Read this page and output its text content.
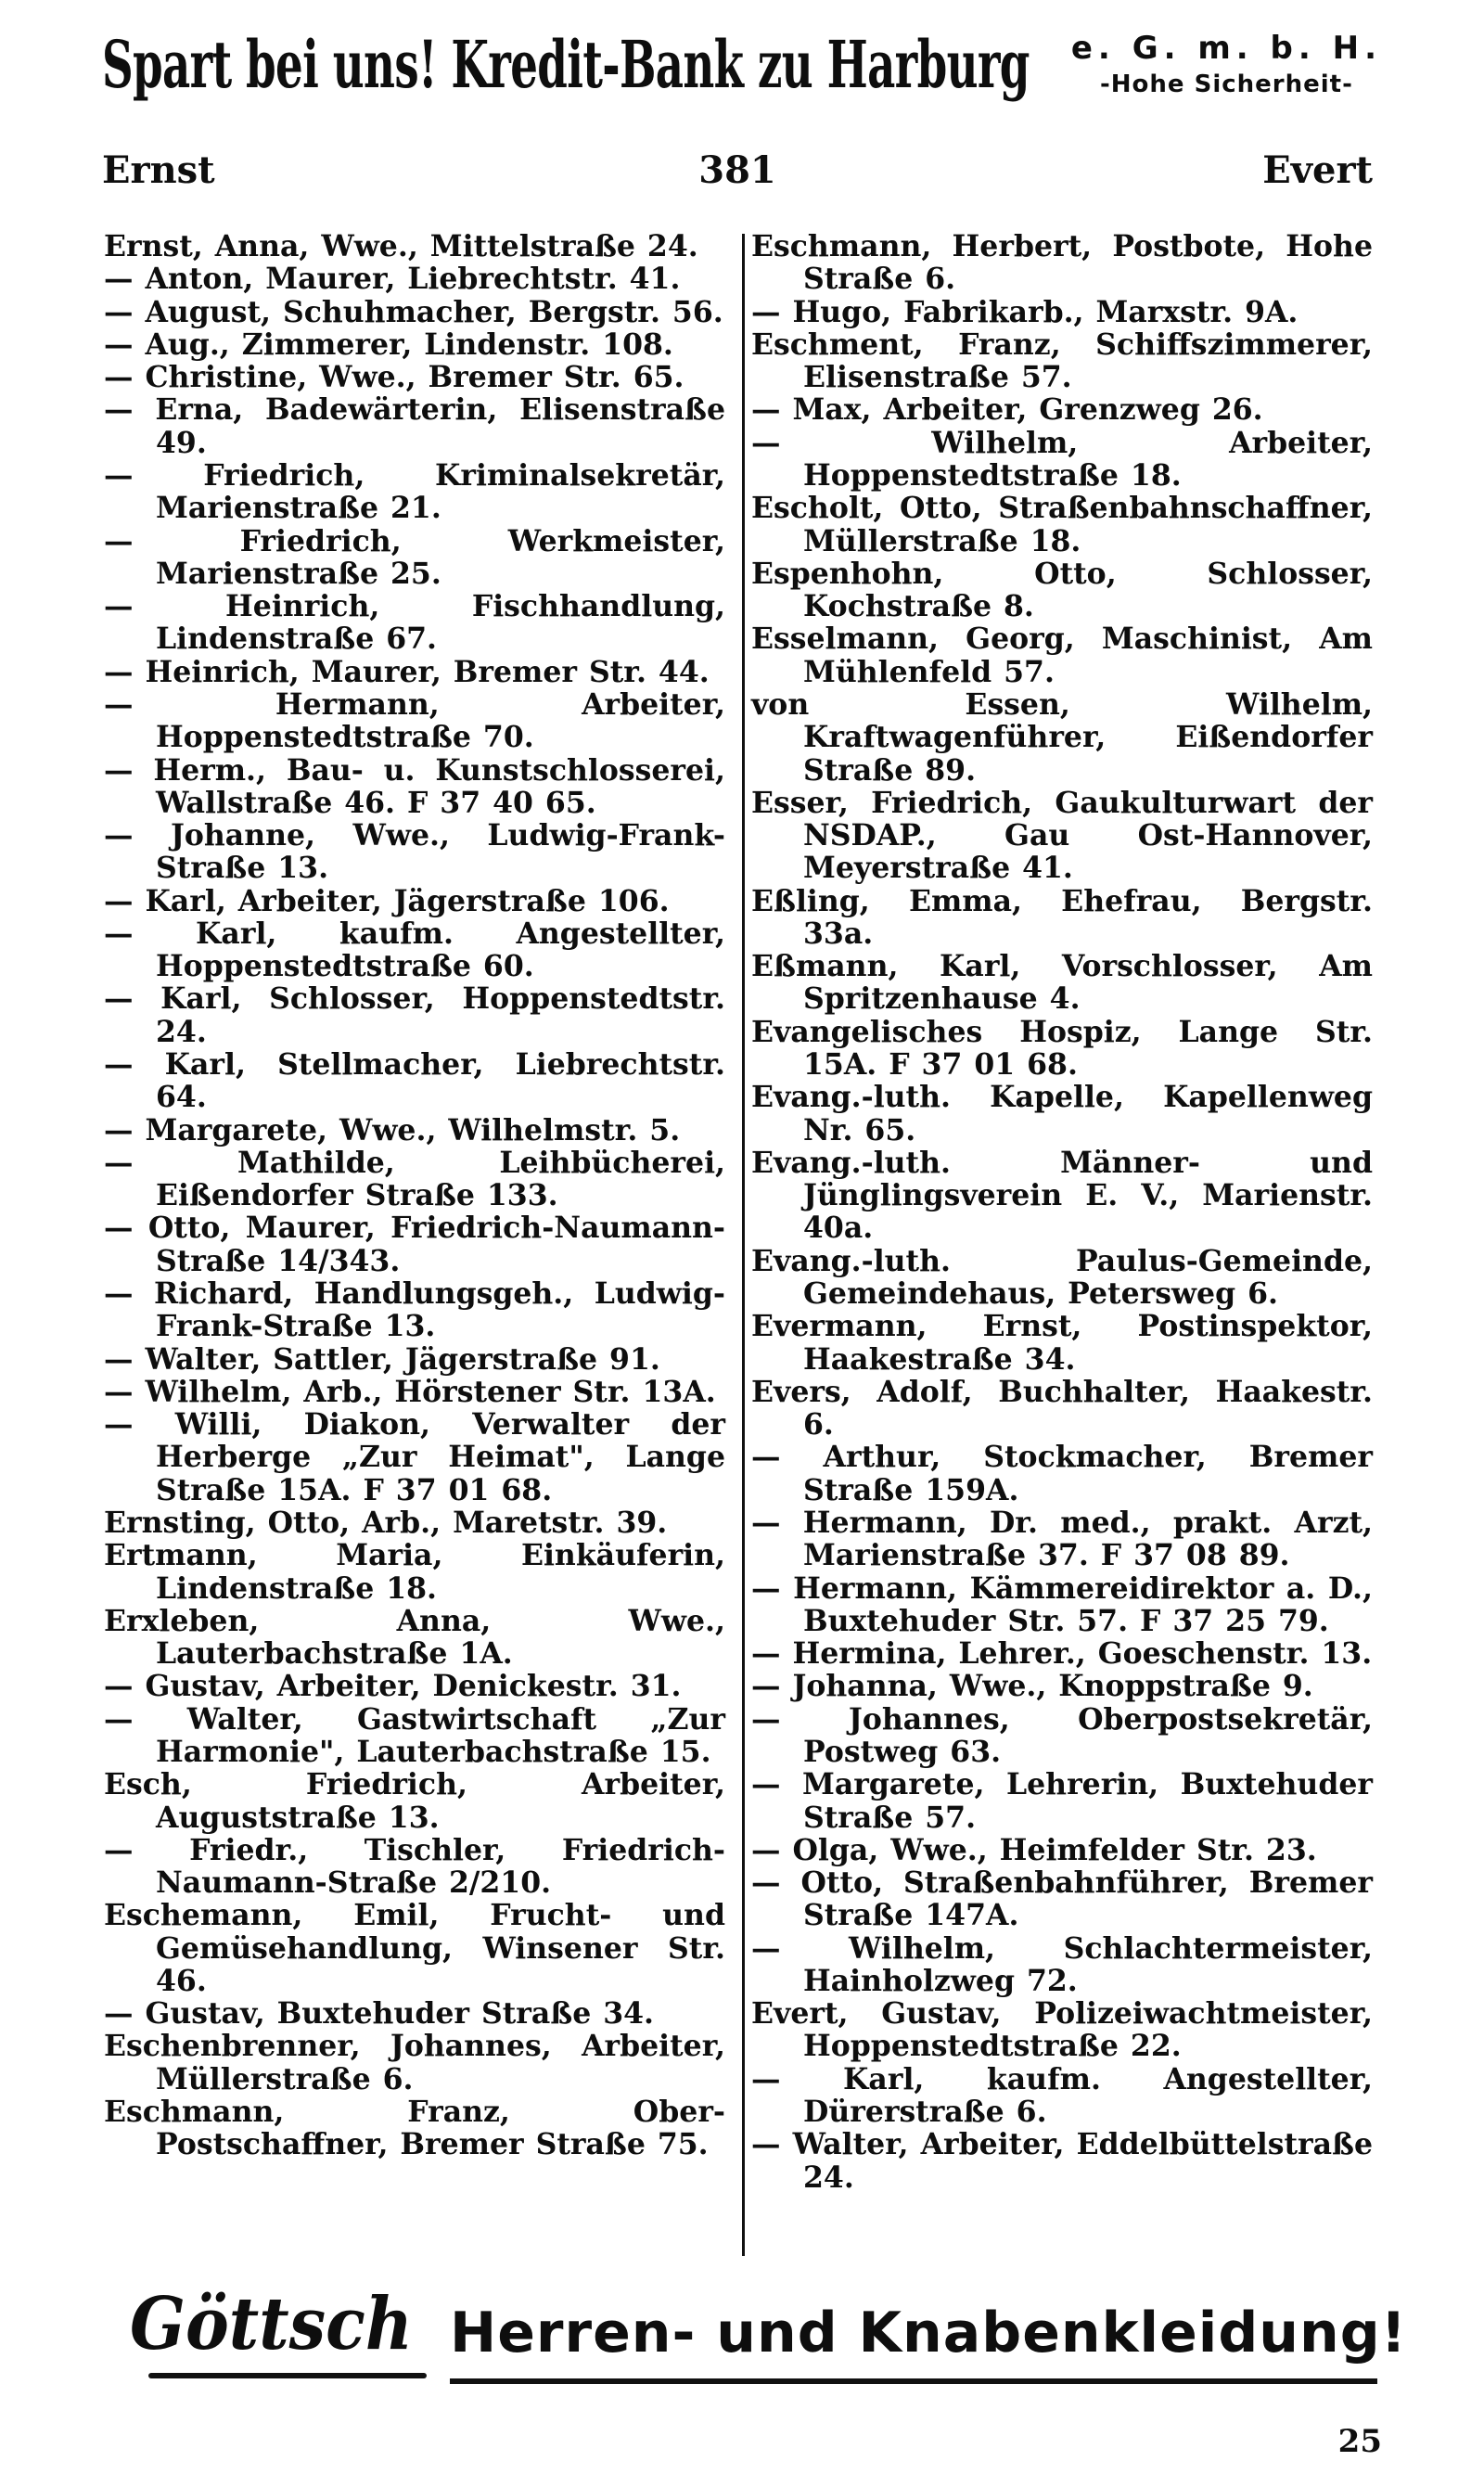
Spart bei uns! Kredit-Bank zu Harburg e. G. m. b. H.
-Hohe Sicherheit-
Ernst	381	Evert
Ernst, Anna, Wwe., Mittelstraße 24.
— Anton, Maurer, Liebrechtstr. 41.
— August, Schuhmacher, Bergstr. 56.
— Aug., Zimmerer, Lindenstr. 108.
— Christine, Wwe., Bremer Str. 65.
— Erna, Badewärterin, Elisenstraße 49.
— Friedrich, Kriminalsekretär, Marienstraße 21.
— Friedrich, Werkmeister, Marienstraße 25.
— Heinrich, Fischhandlung, Lindenstraße 67.
— Heinrich, Maurer, Bremer Str. 44.
— Hermann, Arbeiter, Hoppenstedtstraße 70.
— Herm., Bau- u. Kunstschlosserei, Wallstraße 46. F 37 40 65.
— Johanne, Wwe., Ludwig-Frank-Straße 13.
— Karl, Arbeiter, Jägerstraße 106.
— Karl, kaufm. Angestellter, Hoppenstedtstraße 60.
— Karl, Schlosser, Hoppenstedtstr. 24.
— Karl, Stellmacher, Liebrechtstr. 64.
— Margarete, Wwe., Wilhelmstr. 5.
— Mathilde, Leihbücherei, Eißendorfer Straße 133.
— Otto, Maurer, Friedrich-Naumann-Straße 14/343.
— Richard, Handlungsgeh., Ludwig-Frank-Straße 13.
— Walter, Sattler, Jägerstraße 91.
— Wilhelm, Arb., Hörstener Str. 13A.
— Willi, Diakon, Verwalter der Herberge „Zur Heimat", Lange Straße 15A. F 37 01 68.
Ernsting, Otto, Arb., Maretstr. 39.
Ertmann, Maria, Einkäuferin, Lindenstraße 18.
Erxleben, Anna, Wwe., Lauterbachstraße 1A.
— Gustav, Arbeiter, Denickestr. 31.
— Walter, Gastwirtschaft „Zur Harmonie", Lauterbachstraße 15.
Esch, Friedrich, Arbeiter, Auguststraße 13.
— Friedr., Tischler, Friedrich-Naumann-Straße 2/210.
Eschemann, Emil, Frucht- und Gemüsehandlung, Winsener Str. 46.
— Gustav, Buxtehuder Straße 34.
Eschenbrenner, Johannes, Arbeiter, Müllerstraße 6.
Eschmann, Franz, Ober-Postschaffner, Bremer Straße 75.
Eschmann, Herbert, Postbote, Hohe Straße 6.
— Hugo, Fabrikarb., Marxstr. 9A.
Eschment, Franz, Schiffszimmerer, Elisenstraße 57.
— Max, Arbeiter, Grenzweg 26.
— Wilhelm, Arbeiter, Hoppenstedtstraße 18.
Escholt, Otto, Straßenbahnschaffner, Müllerstraße 18.
Espenhohn, Otto, Schlosser, Kochstraße 8.
Esselmann, Georg, Maschinist, Am Mühlenfeld 57.
von Essen, Wilhelm, Kraftwagenführer, Eißendorfer Straße 89.
Esser, Friedrich, Gaukulturwart der NSDAP., Gau Ost-Hannover, Meyerstraße 41.
Eßling, Emma, Ehefrau, Bergstr. 33a.
Eßmann, Karl, Vorschlosser, Am Spritzenhause 4.
Evangelisches Hospiz, Lange Str. 15A. F 37 01 68.
Evang.-luth. Kapelle, Kapellenweg Nr. 65.
Evang.-luth. Männer- und Jünglingsverein E. V., Marienstr. 40a.
Evang.-luth. Paulus-Gemeinde, Gemeindehaus, Petersweg 6.
Evermann, Ernst, Postinspektor, Haakestraße 34.
Evers, Adolf, Buchhalter, Haakestr. 6.
— Arthur, Stockmacher, Bremer Straße 159A.
— Hermann, Dr. med., prakt. Arzt, Marienstraße 37. F 37 08 89.
— Hermann, Kämmereidirektor a. D., Buxtehuder Str. 57. F 37 25 79.
— Hermina, Lehrer., Goeschenstr. 13.
— Johanna, Wwe., Knoppstraße 9.
— Johannes, Oberpostsekretär, Postweg 63.
— Margarete, Lehrerin, Buxtehuder Straße 57.
— Olga, Wwe., Heimfelder Str. 23.
— Otto, Straßenbahnführer, Bremer Straße 147A.
— Wilhelm, Schlachtermeister, Hainholzweg 72.
Evert, Gustav, Polizeiwachtmeister, Hoppenstedtstraße 22.
— Karl, kaufm. Angestellter, Dürerstraße 6.
— Walter, Arbeiter, Eddelbüttelstraße 24.
Göttsch Herren- und Knabenkleidung!
25
